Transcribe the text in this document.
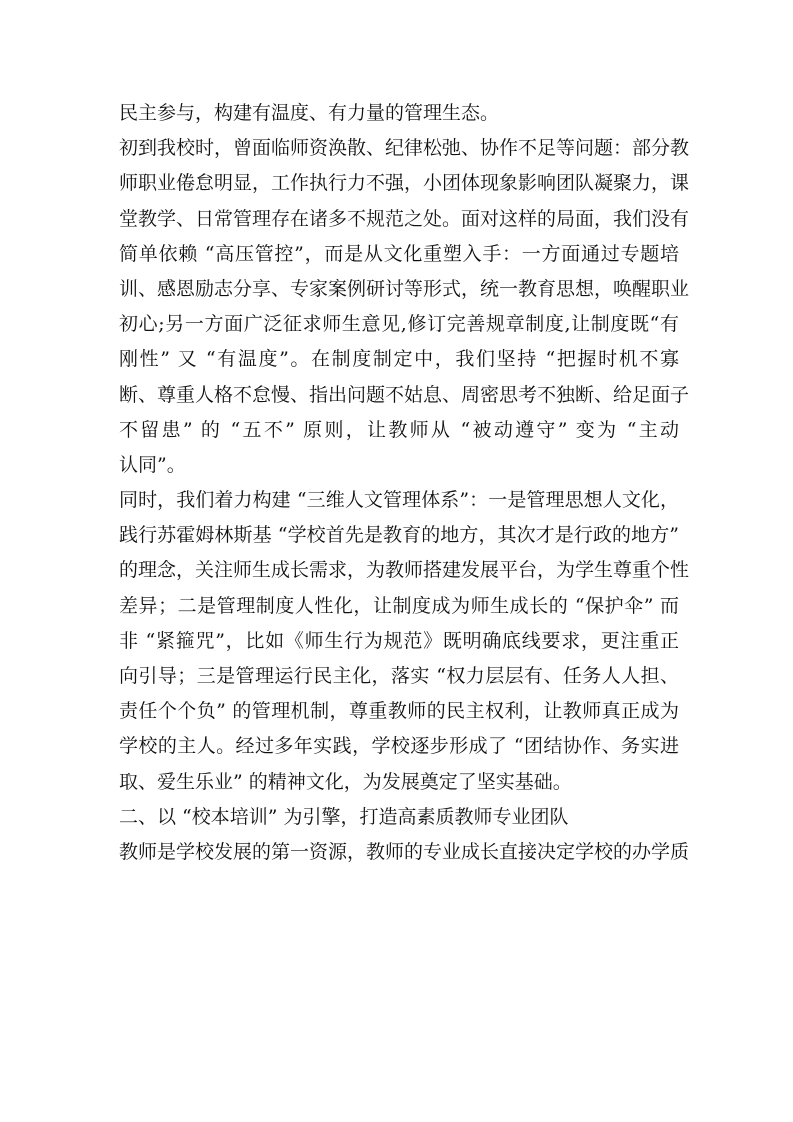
民主参与，构建有温度、有力量的管理生态。
初到我校时，曾面临师资涣散、纪律松弛、协作不足等问题：部分教
师职业倦怠明显，工作执行力不强，小团体现象影响团队凝聚力，课
堂教学、日常管理存在诸多不规范之处。面对这样的局面，我们没有
简单依赖 “高压管控”，而是从文化重塑入手：一方面通过专题培
训、感恩励志分享、专家案例研讨等形式，统一教育思想，唤醒职业
初心;另一方面广泛征求师生意见,修订完善规章制度,让制度既“有
刚性” 又 “有温度”。在制度制定中，我们坚持 “把握时机不寡
断、尊重人格不怠慢、指出问题不姑息、周密思考不独断、给足面子
不留患” 的 “五不” 原则，让教师从 “被动遵守” 变为 “主动
认同”。
同时，我们着力构建 “三维人文管理体系”：一是管理思想人文化，
践行苏霍姆林斯基 “学校首先是教育的地方，其次才是行政的地方”
的理念，关注师生成长需求，为教师搭建发展平台，为学生尊重个性
差异；二是管理制度人性化，让制度成为师生成长的 “保护伞” 而
非 “紧箍咒”，比如《师生行为规范》既明确底线要求，更注重正
向引导；三是管理运行民主化，落实 “权力层层有、任务人人担、
责任个个负” 的管理机制，尊重教师的民主权利，让教师真正成为
学校的主人。经过多年实践，学校逐步形成了 “团结协作、务实进
取、爱生乐业” 的精神文化，为发展奠定了坚实基础。
二、以 “校本培训” 为引擎，打造高素质教师专业团队
教师是学校发展的第一资源，教师的专业成长直接决定学校的办学质
